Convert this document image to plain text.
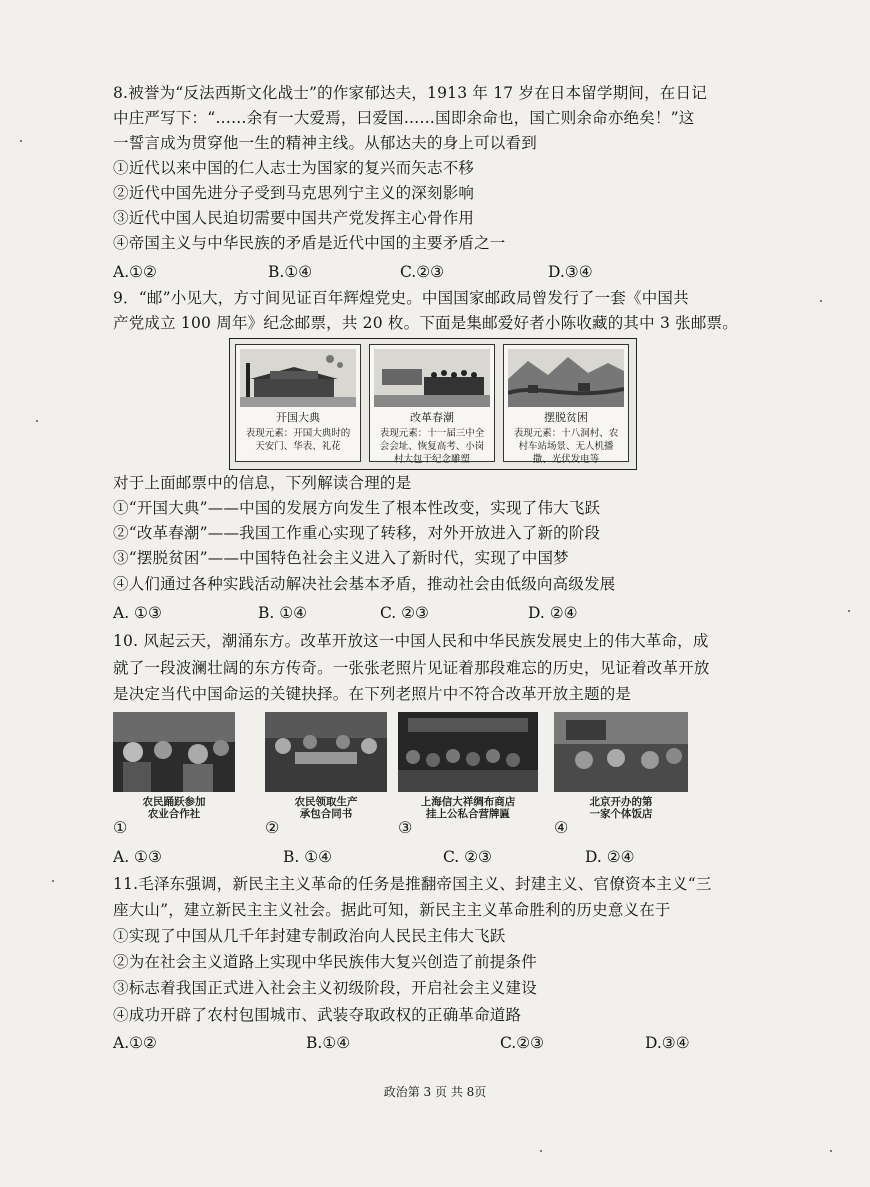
8.被誉为“反法西斯文化战士”的作家郁达夫，1913 年 17 岁在日本留学期间，在日记
中庄严写下：“……余有一大爱焉，曰爱国……国即余命也，国亡则余命亦绝矣！”这
一誓言成为贯穿他一生的精神主线。从郁达夫的身上可以看到
①近代以来中国的仁人志士为国家的复兴而矢志不移
②近代中国先进分子受到马克思列宁主义的深刻影响
③近代中国人民迫切需要中国共产党发挥主心骨作用
④帝国主义与中华民族的矛盾是近代中国的主要矛盾之一
A.①②	B.①④	C.②③	D.③④
9．“邮”小见大，方寸间见证百年辉煌党史。中国国家邮政局曾发行了一套《中国共
产党成立 100 周年》纪念邮票，共 20 枚。下面是集邮爱好者小陈收藏的其中 3 张邮票。
开国大典
表现元素：开国大典时的天安门、华表、礼花
改革春潮
表现元素：十一届三中全会会址、恢复高考、小岗村大包干纪念雕塑
摆脱贫困
表现元素：十八洞村、农村车站场景、无人机播撒、光伏发电等
对于上面邮票中的信息，下列解读合理的是
①“开国大典”——中国的发展方向发生了根本性改变，实现了伟大飞跃
②“改革春潮”——我国工作重心实现了转移，对外开放进入了新的阶段
③“摆脱贫困”——中国特色社会主义进入了新时代，实现了中国梦
④人们通过各种实践活动解决社会基本矛盾，推动社会由低级向高级发展
A. ①③	B. ①④	C. ②③	D. ②④
10. 风起云天，潮涌东方。改革开放这一中国人民和中华民族发展史上的伟大革命，成
就了一段波澜壮阔的东方传奇。一张张老照片见证着那段难忘的历史，见证着改革开放
是决定当代中国命运的关键抉择。在下列老照片中不符合改革开放主题的是
农民踊跃参加
农业合作社
农民领取生产
承包合同书
上海信大祥绸布商店
挂上公私合营牌匾
北京开办的第
一家个体饭店
①	②	③	④
A. ①③	B. ①④	C. ②③	D. ②④
11.毛泽东强调，新民主主义革命的任务是推翻帝国主义、封建主义、官僚资本主义“三
座大山”，建立新民主主义社会。据此可知，新民主主义革命胜利的历史意义在于
①实现了中国从几千年封建专制政治向人民民主伟大飞跃
②为在社会主义道路上实现中华民族伟大复兴创造了前提条件
③标志着我国正式进入社会主义初级阶段，开启社会主义建设
④成功开辟了农村包围城市、武装夺取政权的正确革命道路
A.①②	B.①④	C.②③	D.③④
政治第 3 页 共 8页
